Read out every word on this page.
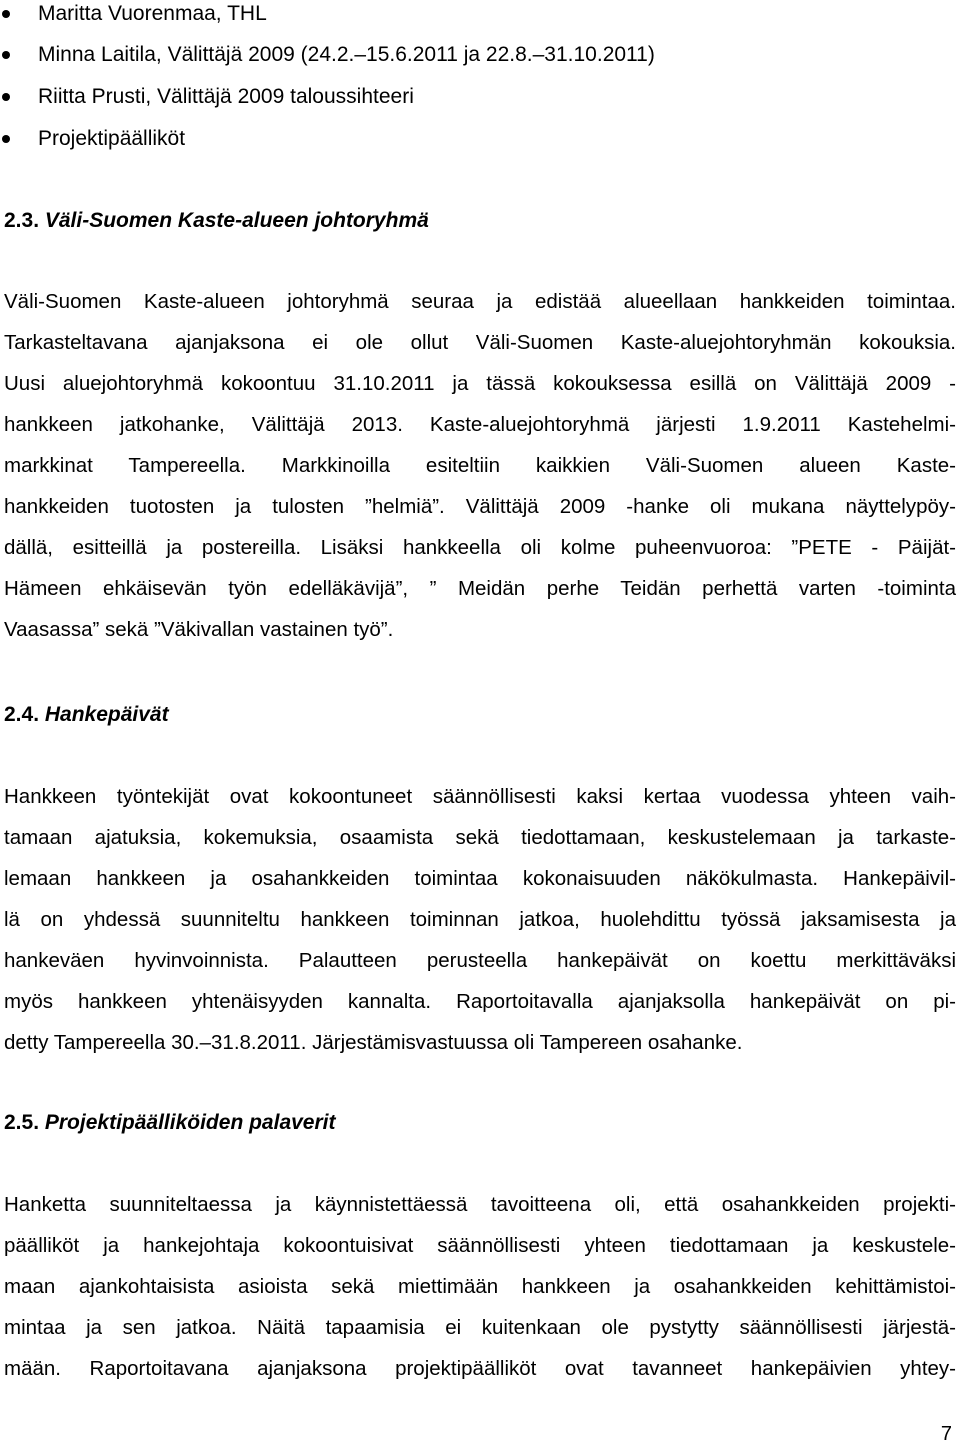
Maritta Vuorenmaa, THL
Minna Laitila, Välittäjä 2009 (24.2.–15.6.2011 ja 22.8.–31.10.2011)
Riitta Prusti, Välittäjä 2009 taloussihteeri
Projektipäälliköt
2.3. Väli-Suomen Kaste-alueen johtoryhmä
Väli-Suomen Kaste-alueen johtoryhmä seuraa ja edistää alueellaan hankkeiden toimintaa.
Tarkasteltavana ajanjaksona ei ole ollut Väli-Suomen Kaste-aluejohtoryhmän kokouksia.
Uusi aluejohtoryhmä kokoontuu 31.10.2011 ja tässä kokouksessa esillä on Välittäjä 2009 -
hankkeen jatkohanke, Välittäjä 2013. Kaste-aluejohtoryhmä järjesti 1.9.2011 Kastehelmi-
markkinat Tampereella. Markkinoilla esiteltiin kaikkien Väli-Suomen alueen Kaste-
hankkeiden tuotosten ja tulosten ”helmiä”. Välittäjä 2009 -hanke oli mukana näyttelypöy-
dällä, esitteillä ja postereilla. Lisäksi hankkeella oli kolme puheenvuoroa: ”PETE - Päijät-
Hämeen ehkäisevän työn edelläkävijä”, ” Meidän perhe Teidän perhettä varten -toiminta
Vaasassa” sekä ”Väkivallan vastainen työ”.
2.4. Hankepäivät
Hankkeen työntekijät ovat kokoontuneet säännöllisesti kaksi kertaa vuodessa yhteen vaih-
tamaan ajatuksia, kokemuksia, osaamista sekä tiedottamaan, keskustelemaan ja tarkaste-
lemaan hankkeen ja osahankkeiden toimintaa kokonaisuuden näkökulmasta. Hankepäivil-
lä on yhdessä suunniteltu hankkeen toiminnan jatkoa, huolehdittu työssä jaksamisesta ja
hankeväen hyvinvoinnista. Palautteen perusteella hankepäivät on koettu merkittäväksi
myös hankkeen yhtenäisyyden kannalta. Raportoitavalla ajanjaksolla hankepäivät on pi-
detty Tampereella 30.–31.8.2011. Järjestämisvastuussa oli Tampereen osahanke.
2.5. Projektipäälliköiden palaverit
Hanketta suunniteltaessa ja käynnistettäessä tavoitteena oli, että osahankkeiden projekti-
päälliköt ja hankejohtaja kokoontuisivat säännöllisesti yhteen tiedottamaan ja keskustele-
maan ajankohtaisista asioista sekä miettimään hankkeen ja osahankkeiden kehittämistoi-
mintaa ja sen jatkoa. Näitä tapaamisia ei kuitenkaan ole pystytty säännöllisesti järjestä-
mään. Raportoitavana ajanjaksona projektipäälliköt ovat tavanneet hankepäivien yhtey-
7
